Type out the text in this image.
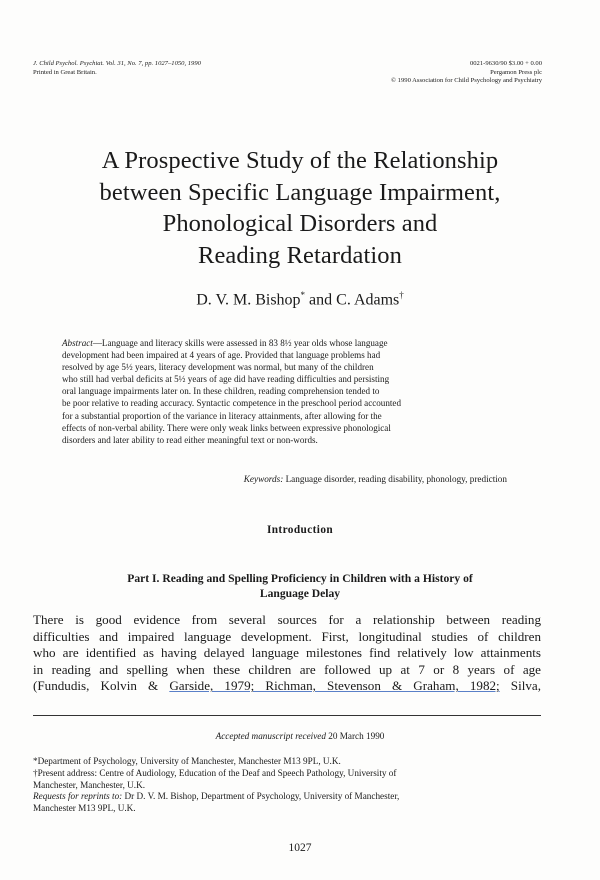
J. Child Psychol. Psychiat. Vol. 31, No. 7, pp. 1027–1050, 1990
Printed in Great Britain.
0021-9630/90 $3.00 + 0.00
Pergamon Press plc
© 1990 Association for Child Psychology and Psychiatry
A Prospective Study of the Relationship
between Specific Language Impairment,
Phonological Disorders and
Reading Retardation
D. V. M. Bishop* and C. Adams†
Abstract—Language and literacy skills were assessed in 83 8½ year olds whose language
development had been impaired at 4 years of age. Provided that language problems had
resolved by age 5½ years, literacy development was normal, but many of the children
who still had verbal deficits at 5½ years of age did have reading difficulties and persisting
oral language impairments later on. In these children, reading comprehension tended to
be poor relative to reading accuracy. Syntactic competence in the preschool period accounted
for a substantial proportion of the variance in literacy attainments, after allowing for the
effects of non-verbal ability. There were only weak links between expressive phonological
disorders and later ability to read either meaningful text or non-words.
Keywords: Language disorder, reading disability, phonology, prediction
Introduction
Part I. Reading and Spelling Proficiency in Children with a History of
Language Delay
There is good evidence from several sources for a relationship between reading
difficulties and impaired language development. First, longitudinal studies of children
who are identified as having delayed language milestones find relatively low attainments
in reading and spelling when these children are followed up at 7 or 8 years of age
(Fundudis, Kolvin & Garside, 1979; Richman, Stevenson & Graham, 1982; Silva,
Accepted manuscript received 20 March 1990
*Department of Psychology, University of Manchester, Manchester M13 9PL, U.K.
†Present address: Centre of Audiology, Education of the Deaf and Speech Pathology, University of
Manchester, Manchester, U.K.
Requests for reprints to: Dr D. V. M. Bishop, Department of Psychology, University of Manchester,
Manchester M13 9PL, U.K.
1027
